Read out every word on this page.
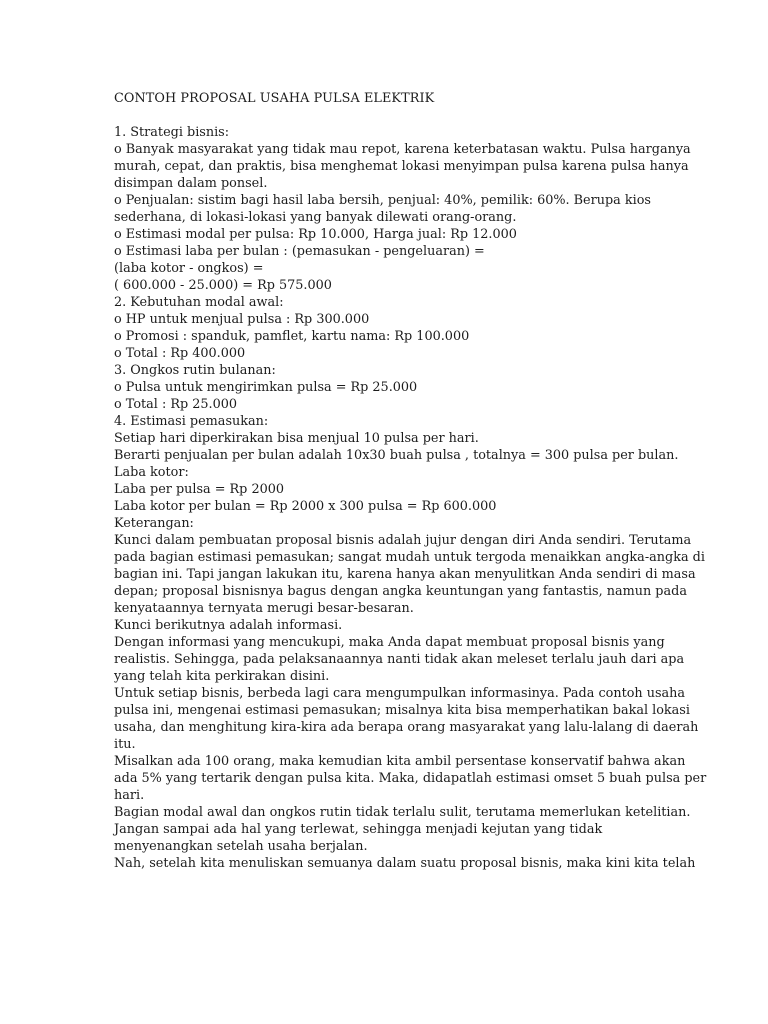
CONTOH PROPOSAL USAHA PULSA ELEKTRIK

1. Strategi bisnis:

o Banyak masyarakat yang tidak mau repot, karena keterbatasan waktu. Pulsa harganya

murah, cepat, dan praktis, bisa menghemat lokasi menyimpan pulsa karena pulsa hanya

disimpan dalam ponsel.

o Penjualan: sistim bagi hasil laba bersih, penjual: 40%, pemilik: 60%. Berupa kios

sederhana, di lokasi-lokasi yang banyak dilewati orang-orang.

o Estimasi modal per pulsa: Rp 10.000, Harga jual: Rp 12.000

o Estimasi laba per bulan : (pemasukan - pengeluaran) =

(laba kotor - ongkos) =

( 600.000 - 25.000) = Rp 575.000

2. Kebutuhan modal awal:

o HP untuk menjual pulsa : Rp 300.000

o Promosi : spanduk, pamflet, kartu nama: Rp 100.000

o Total : Rp 400.000

3. Ongkos rutin bulanan:

o Pulsa untuk mengirimkan pulsa = Rp 25.000

o Total : Rp 25.000

4. Estimasi pemasukan:

Setiap hari diperkirakan bisa menjual 10 pulsa per hari.

Berarti penjualan per bulan adalah 10x30 buah pulsa , totalnya = 300 pulsa per bulan.

Laba kotor:

Laba per pulsa = Rp 2000

Laba kotor per bulan = Rp 2000 x 300 pulsa = Rp 600.000

Keterangan:

Kunci dalam pembuatan proposal bisnis adalah jujur dengan diri Anda sendiri. Terutama

pada bagian estimasi pemasukan; sangat mudah untuk tergoda menaikkan angka-angka di

bagian ini. Tapi jangan lakukan itu, karena hanya akan menyulitkan Anda sendiri di masa

depan; proposal bisnisnya bagus dengan angka keuntungan yang fantastis, namun pada

kenyataannya ternyata merugi besar-besaran.

Kunci berikutnya adalah informasi.

Dengan informasi yang mencukupi, maka Anda dapat membuat proposal bisnis yang

realistis. Sehingga, pada pelaksanaannya nanti tidak akan meleset terlalu jauh dari apa

yang telah kita perkirakan disini.

Untuk setiap bisnis, berbeda lagi cara mengumpulkan informasinya. Pada contoh usaha

pulsa ini, mengenai estimasi pemasukan; misalnya kita bisa memperhatikan bakal lokasi

usaha, dan menghitung kira-kira ada berapa orang masyarakat yang lalu-lalang di daerah

itu.

Misalkan ada 100 orang, maka kemudian kita ambil persentase konservatif bahwa akan

ada 5% yang tertarik dengan pulsa kita. Maka, didapatlah estimasi omset 5 buah pulsa per

hari.

Bagian modal awal dan ongkos rutin tidak terlalu sulit, terutama memerlukan ketelitian.

Jangan sampai ada hal yang terlewat, sehingga menjadi kejutan yang tidak

menyenangkan setelah usaha berjalan.

Nah, setelah kita menuliskan semuanya dalam suatu proposal bisnis, maka kini kita telah
